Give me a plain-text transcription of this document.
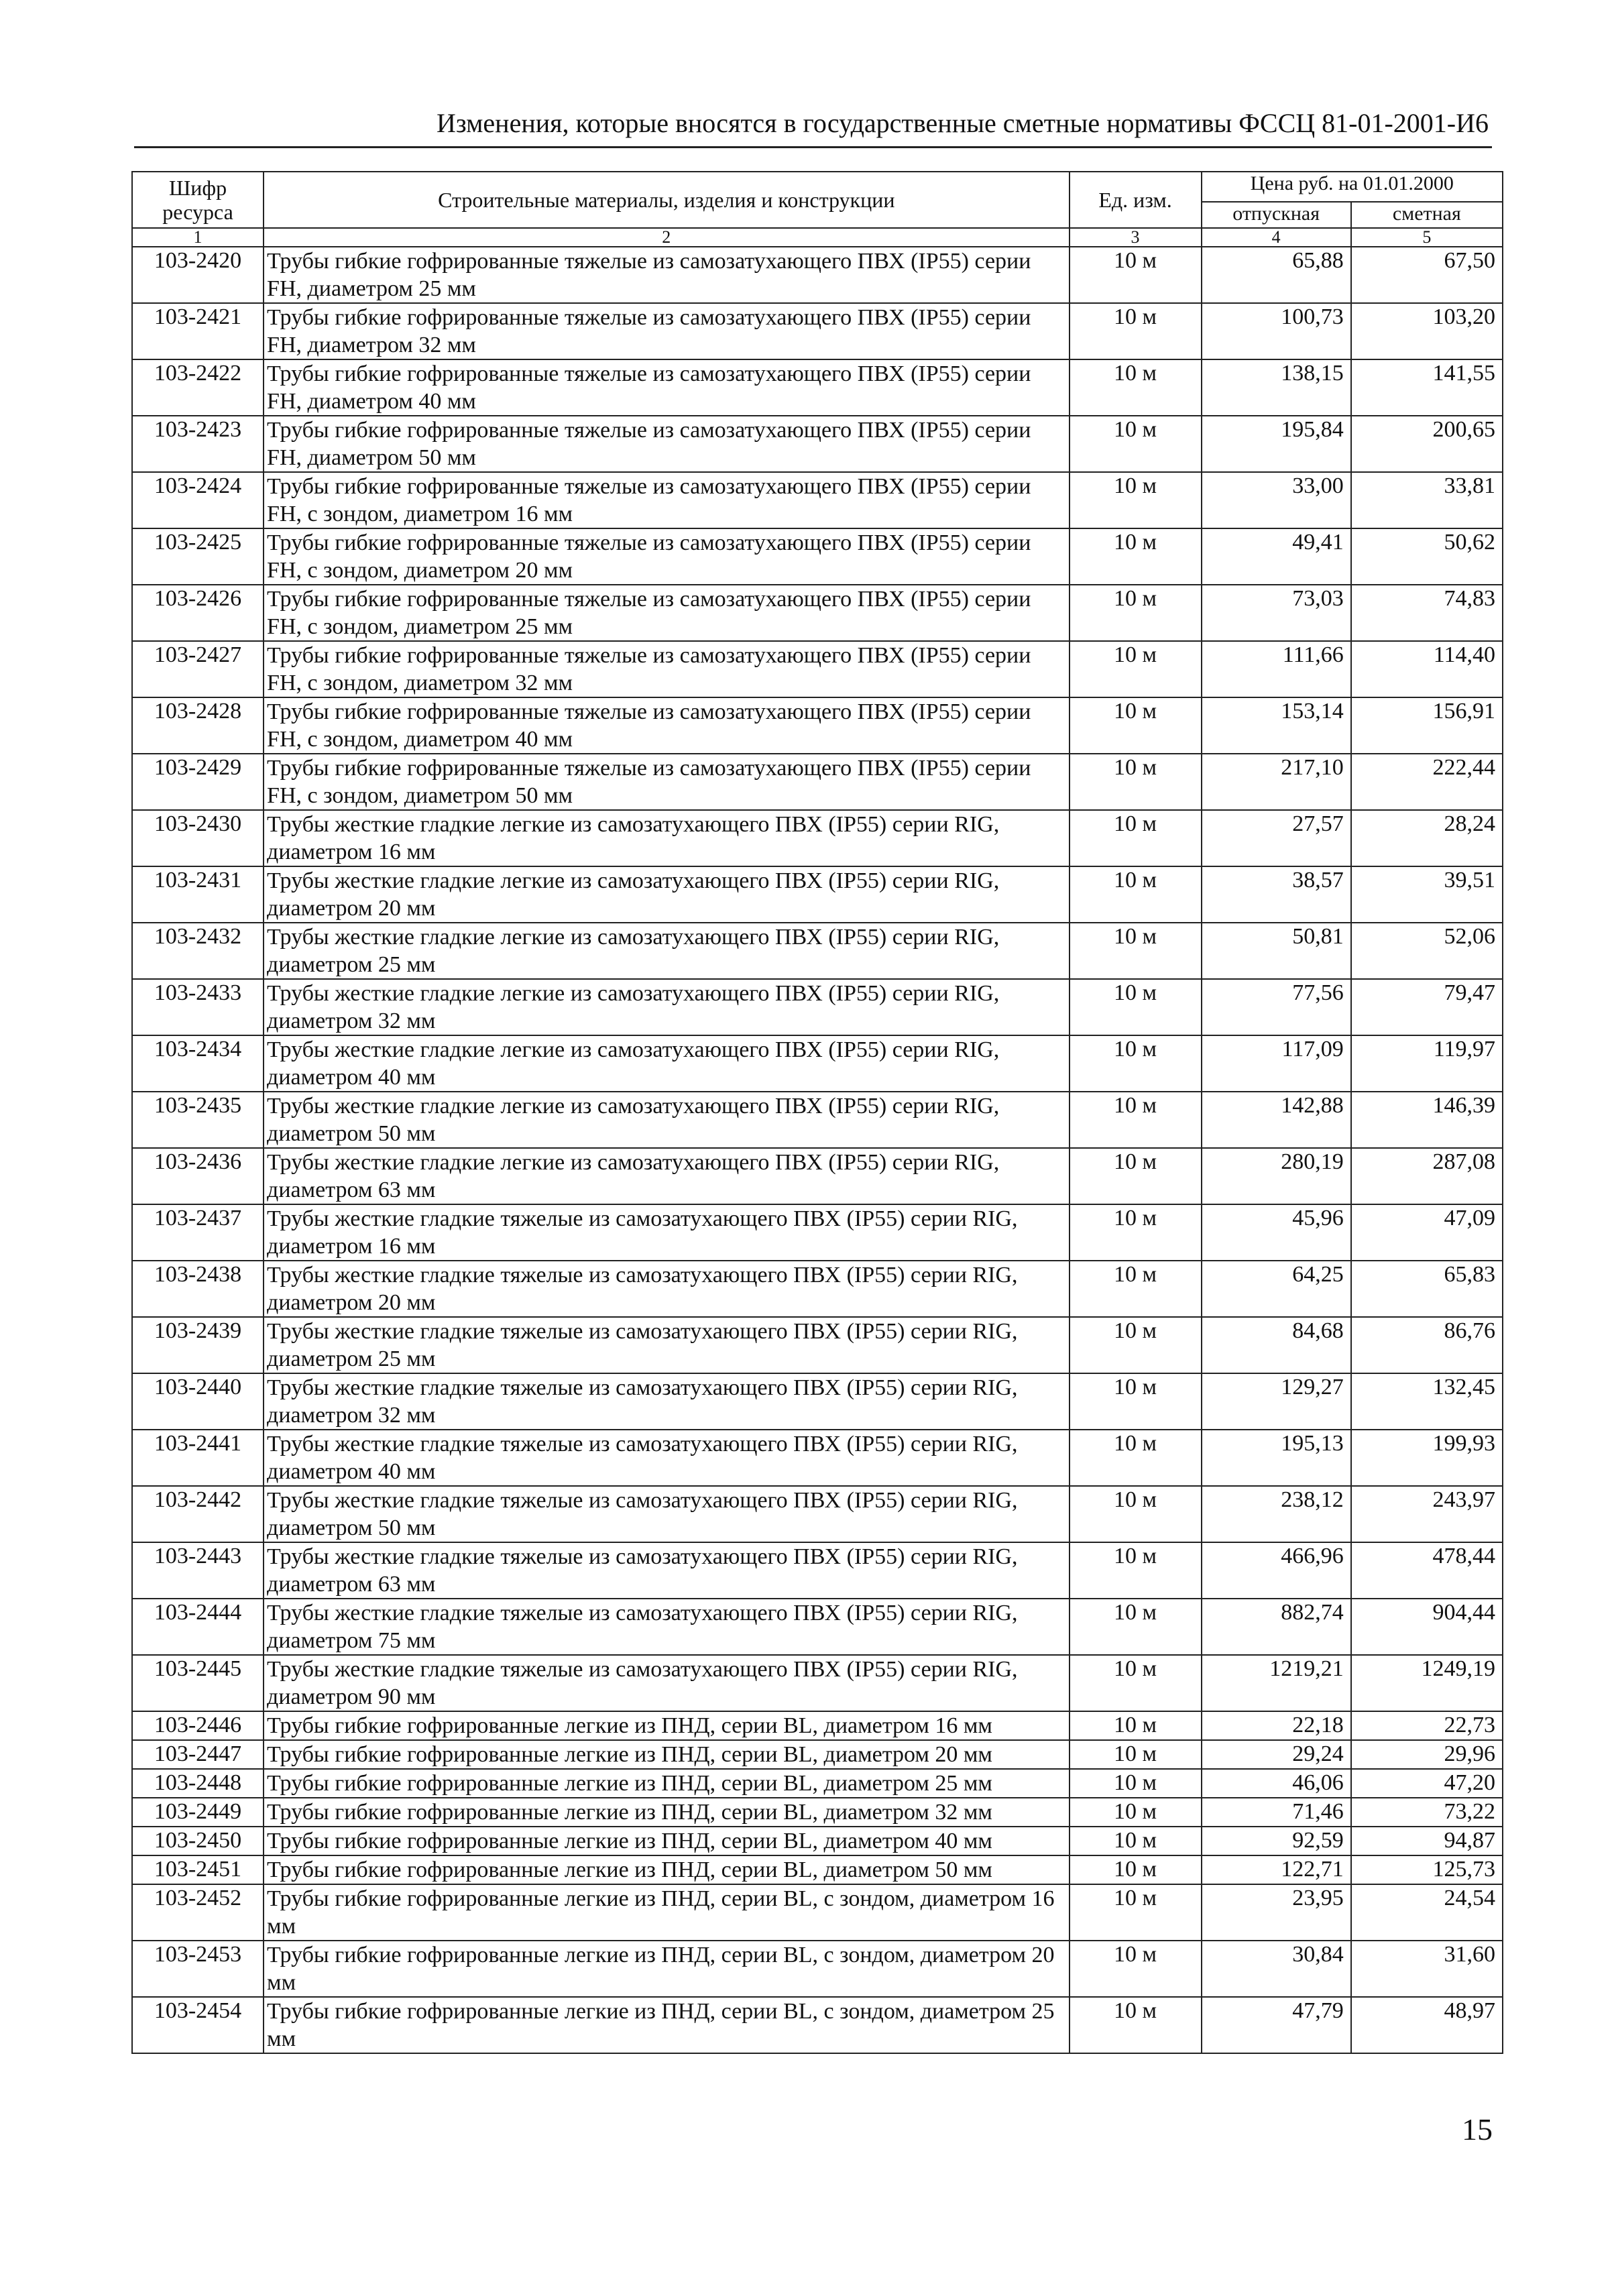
Изменения, которые вносятся в государственные сметные нормативы ФССЦ 81-01-2001-И6
Шифр ресурса	Строительные материалы, изделия и конструкции	Ед. изм.	Цена руб. на 01.01.2000	
			отпускная	сметная
1	2	3	4	5
103-2420	Трубы гибкие гофрированные тяжелые из самозатухающего ПВХ (IP55) серии FH, диаметром 25 мм	10 м	65,88	67,50
103-2421	Трубы гибкие гофрированные тяжелые из самозатухающего ПВХ (IP55) серии FH, диаметром 32 мм	10 м	100,73	103,20
103-2422	Трубы гибкие гофрированные тяжелые из самозатухающего ПВХ (IP55) серии FH, диаметром 40 мм	10 м	138,15	141,55
103-2423	Трубы гибкие гофрированные тяжелые из самозатухающего ПВХ (IP55) серии FH, диаметром 50 мм	10 м	195,84	200,65
103-2424	Трубы гибкие гофрированные тяжелые из самозатухающего ПВХ (IP55) серии FH, с зондом, диаметром 16 мм	10 м	33,00	33,81
103-2425	Трубы гибкие гофрированные тяжелые из самозатухающего ПВХ (IP55) серии FH, с зондом, диаметром 20 мм	10 м	49,41	50,62
103-2426	Трубы гибкие гофрированные тяжелые из самозатухающего ПВХ (IP55) серии FH, с зондом, диаметром 25 мм	10 м	73,03	74,83
103-2427	Трубы гибкие гофрированные тяжелые из самозатухающего ПВХ (IP55) серии FH, с зондом, диаметром 32 мм	10 м	111,66	114,40
103-2428	Трубы гибкие гофрированные тяжелые из самозатухающего ПВХ (IP55) серии FH, с зондом, диаметром 40 мм	10 м	153,14	156,91
103-2429	Трубы гибкие гофрированные тяжелые из самозатухающего ПВХ (IP55) серии FH, с зондом, диаметром 50 мм	10 м	217,10	222,44
103-2430	Трубы жесткие гладкие легкие из самозатухающего ПВХ (IP55) серии RIG, диаметром 16 мм	10 м	27,57	28,24
103-2431	Трубы жесткие гладкие легкие из самозатухающего ПВХ (IP55) серии RIG, диаметром 20 мм	10 м	38,57	39,51
103-2432	Трубы жесткие гладкие легкие из самозатухающего ПВХ (IP55) серии RIG, диаметром 25 мм	10 м	50,81	52,06
103-2433	Трубы жесткие гладкие легкие из самозатухающего ПВХ (IP55) серии RIG, диаметром 32 мм	10 м	77,56	79,47
103-2434	Трубы жесткие гладкие легкие из самозатухающего ПВХ (IP55) серии RIG, диаметром 40 мм	10 м	117,09	119,97
103-2435	Трубы жесткие гладкие легкие из самозатухающего ПВХ (IP55) серии RIG, диаметром 50 мм	10 м	142,88	146,39
103-2436	Трубы жесткие гладкие легкие из самозатухающего ПВХ (IP55) серии RIG, диаметром 63 мм	10 м	280,19	287,08
103-2437	Трубы жесткие гладкие тяжелые из самозатухающего ПВХ (IP55) серии RIG, диаметром 16 мм	10 м	45,96	47,09
103-2438	Трубы жесткие гладкие тяжелые из самозатухающего ПВХ (IP55) серии RIG, диаметром 20 мм	10 м	64,25	65,83
103-2439	Трубы жесткие гладкие тяжелые из самозатухающего ПВХ (IP55) серии RIG, диаметром 25 мм	10 м	84,68	86,76
103-2440	Трубы жесткие гладкие тяжелые из самозатухающего ПВХ (IP55) серии RIG, диаметром 32 мм	10 м	129,27	132,45
103-2441	Трубы жесткие гладкие тяжелые из самозатухающего ПВХ (IP55) серии RIG, диаметром 40 мм	10 м	195,13	199,93
103-2442	Трубы жесткие гладкие тяжелые из самозатухающего ПВХ (IP55) серии RIG, диаметром 50 мм	10 м	238,12	243,97
103-2443	Трубы жесткие гладкие тяжелые из самозатухающего ПВХ (IP55) серии RIG, диаметром 63 мм	10 м	466,96	478,44
103-2444	Трубы жесткие гладкие тяжелые из самозатухающего ПВХ (IP55) серии RIG, диаметром 75 мм	10 м	882,74	904,44
103-2445	Трубы жесткие гладкие тяжелые из самозатухающего ПВХ (IP55) серии RIG, диаметром 90 мм	10 м	1219,21	1249,19
103-2446	Трубы гибкие гофрированные легкие из ПНД, серии BL, диаметром 16 мм	10 м	22,18	22,73
103-2447	Трубы гибкие гофрированные легкие из ПНД, серии BL, диаметром 20 мм	10 м	29,24	29,96
103-2448	Трубы гибкие гофрированные легкие из ПНД, серии BL, диаметром 25 мм	10 м	46,06	47,20
103-2449	Трубы гибкие гофрированные легкие из ПНД, серии BL, диаметром 32 мм	10 м	71,46	73,22
103-2450	Трубы гибкие гофрированные легкие из ПНД, серии BL, диаметром 40 мм	10 м	92,59	94,87
103-2451	Трубы гибкие гофрированные легкие из ПНД, серии BL, диаметром 50 мм	10 м	122,71	125,73
103-2452	Трубы гибкие гофрированные легкие из ПНД, серии BL, с зондом, диаметром 16 мм	10 м	23,95	24,54
103-2453	Трубы гибкие гофрированные легкие из ПНД, серии BL, с зондом, диаметром 20 мм	10 м	30,84	31,60
103-2454	Трубы гибкие гофрированные легкие из ПНД, серии BL, с зондом, диаметром 25 мм	10 м	47,79	48,97
15
